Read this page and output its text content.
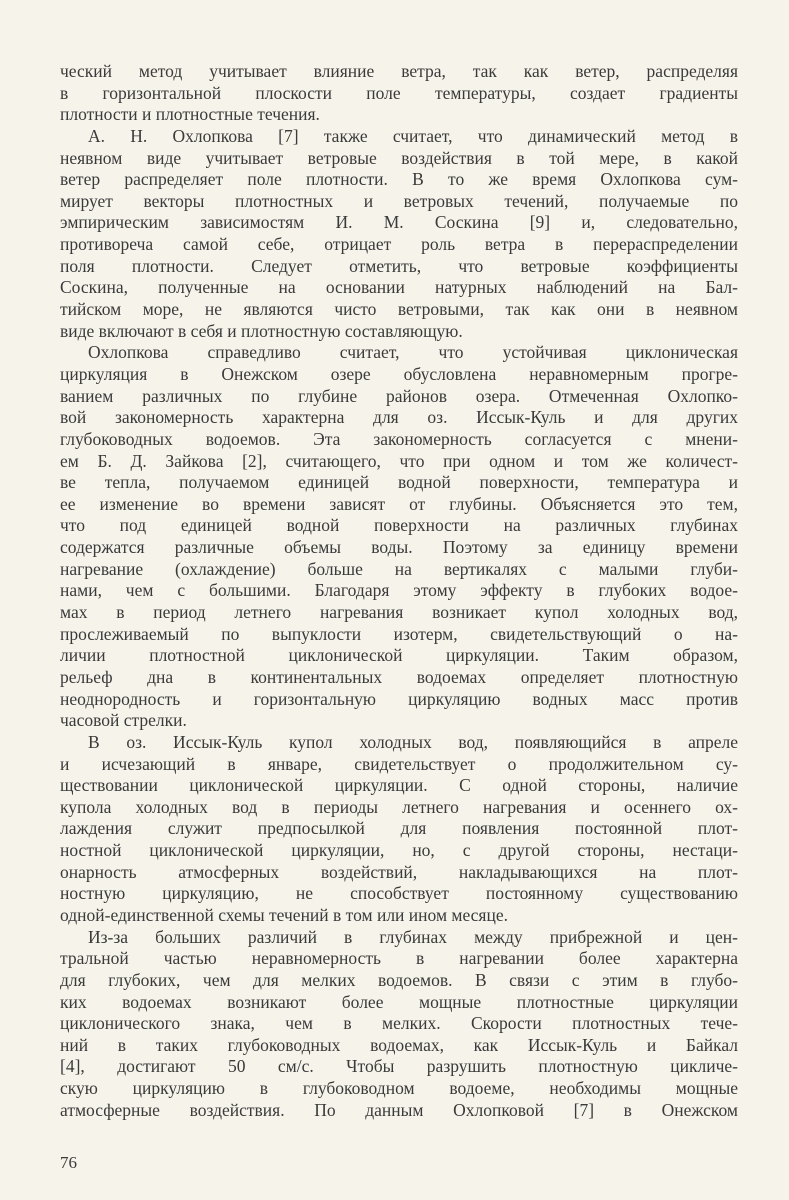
ческий метод учитывает влияние ветра, так как ветер, распределяя
в горизонтальной плоскости поле температуры, создает градиенты
плотности и плотностные течения.
А. Н. Охлопкова [7] также считает, что динамический метод в
неявном виде учитывает ветровые воздействия в той мере, в какой
ветер распределяет поле плотности. В то же время Охлопкова сум-
мирует векторы плотностных и ветровых течений, получаемые по
эмпирическим зависимостям И. М. Соскина [9] и, следовательно,
противореча самой себе, отрицает роль ветра в перераспределении
поля плотности. Следует отметить, что ветровые коэффициенты
Соскина, полученные на основании натурных наблюдений на Бал-
тийском море, не являются чисто ветровыми, так как они в неявном
виде включают в себя и плотностную составляющую.
Охлопкова справедливо считает, что устойчивая циклоническая
циркуляция в Онежском озере обусловлена неравномерным прогре-
ванием различных по глубине районов озера. Отмеченная Охлопко-
вой закономерность характерна для оз. Иссык-Куль и для других
глубоководных водоемов. Эта закономерность согласуется с мнени-
ем Б. Д. Зайкова [2], считающего, что при одном и том же количест-
ве тепла, получаемом единицей водной поверхности, температура и
ее изменение во времени зависят от глубины. Объясняется это тем,
что под единицей водной поверхности на различных глубинах
содержатся различные объемы воды. Поэтому за единицу времени
нагревание (охлаждение) больше на вертикалях с малыми глуби-
нами, чем с большими. Благодаря этому эффекту в глубоких водое-
мах в период летнего нагревания возникает купол холодных вод,
прослеживаемый по выпуклости изотерм, свидетельствующий о на-
личии плотностной циклонической циркуляции. Таким образом,
рельеф дна в континентальных водоемах определяет плотностную
неоднородность и горизонтальную циркуляцию водных масс против
часовой стрелки.
В оз. Иссык-Куль купол холодных вод, появляющийся в апреле
и исчезающий в январе, свидетельствует о продолжительном су-
ществовании циклонической циркуляции. С одной стороны, наличие
купола холодных вод в периоды летнего нагревания и осеннего ох-
лаждения служит предпосылкой для появления постоянной плот-
ностной циклонической циркуляции, но, с другой стороны, нестаци-
онарность атмосферных воздействий, накладывающихся на плот-
ностную циркуляцию, не способствует постоянному существованию
одной-единственной схемы течений в том или ином месяце.
Из-за больших различий в глубинах между прибрежной и цен-
тральной частью неравномерность в нагревании более характерна
для глубоких, чем для мелких водоемов. В связи с этим в глубо-
ких водоемах возникают более мощные плотностные циркуляции
циклонического знака, чем в мелких. Скорости плотностных тече-
ний в таких глубоководных водоемах, как Иссык-Куль и Байкал
[4], достигают 50 см/с. Чтобы разрушить плотностную цикличе-
скую циркуляцию в глубоководном водоеме, необходимы мощные
атмосферные воздействия. По данным Охлопковой [7] в Онежском
76
